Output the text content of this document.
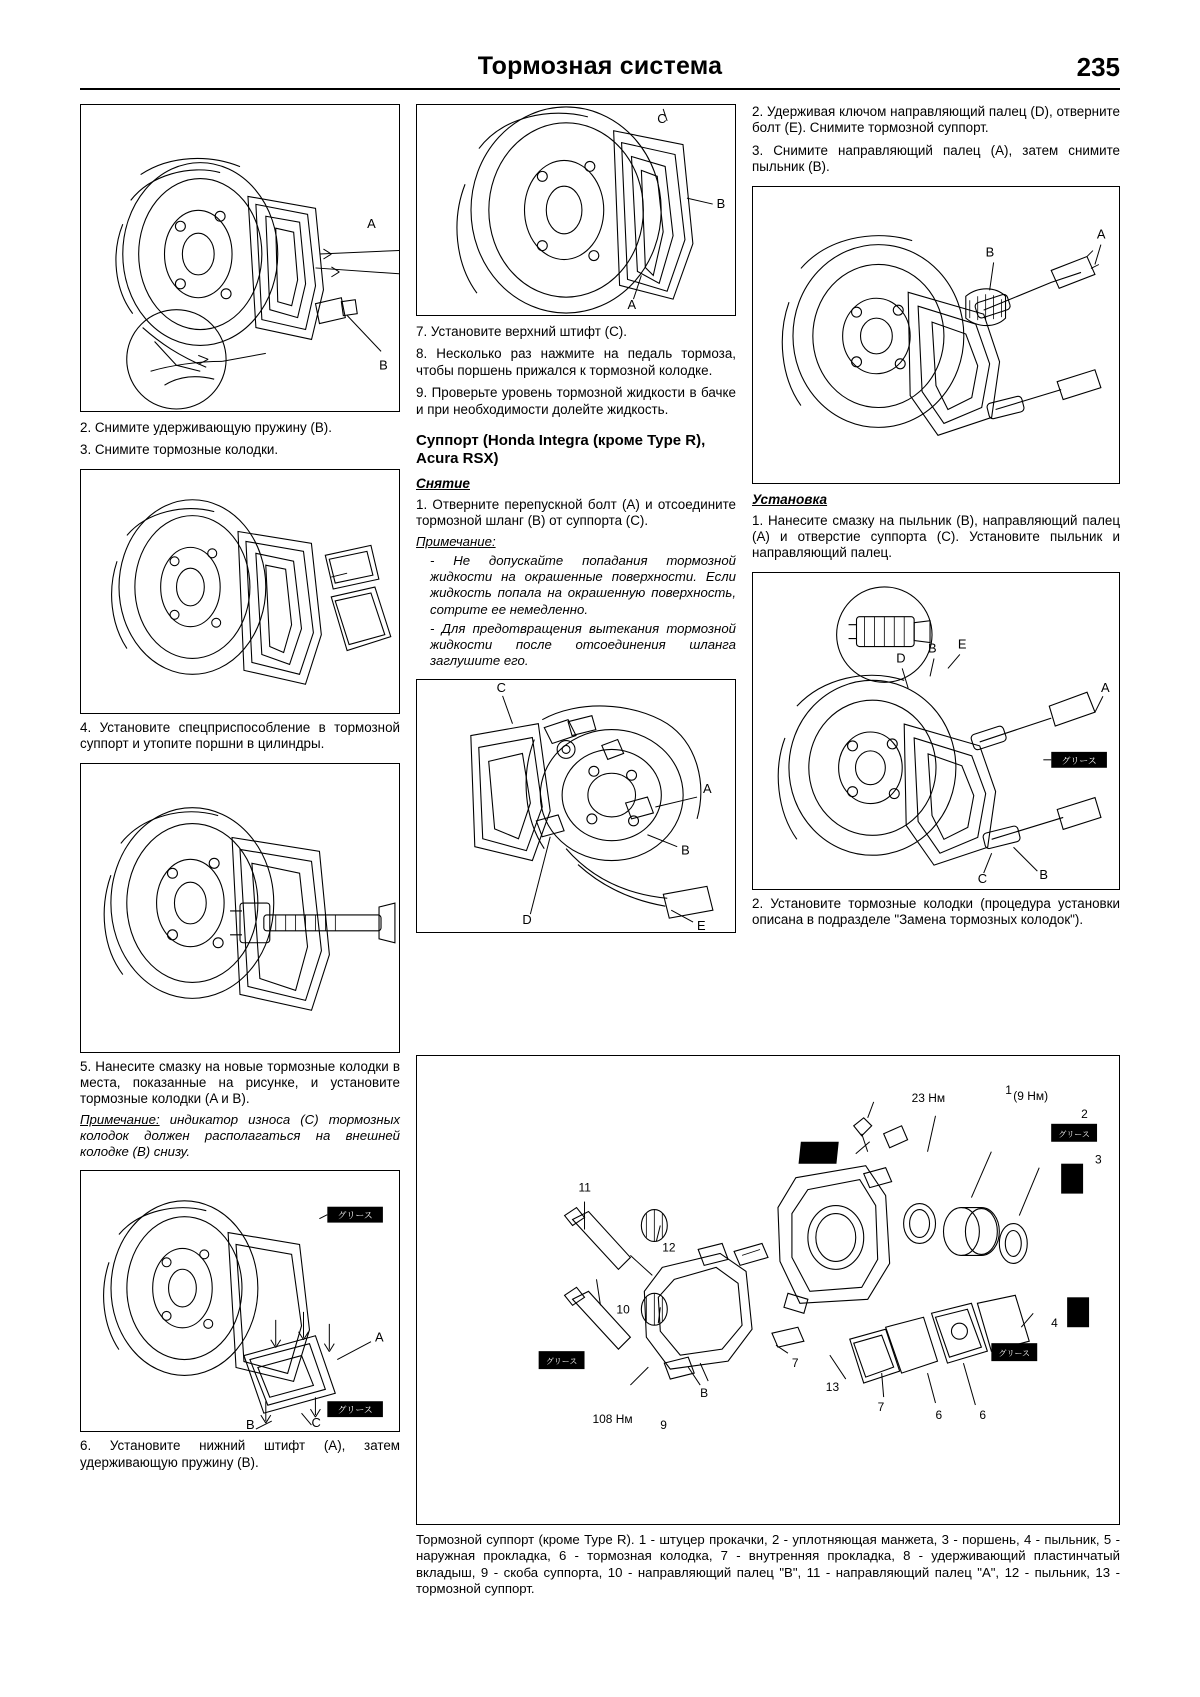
Тормозная система	235
A
B

2. Снимите удерживающую пружину (B).

3. Снимите тормозные колодки.

4. Установите спецприспособление в тормозной суппорт и утопите поршни в цилиндры.

5. Нанесите смазку на новые тормозные колодки в места, показанные на рисунке, и установите тормозные колодки (A и B).

Примечание: индикатор износа (C) тормозных колодок должен располагаться на внешней колодке (B) снизу.

グリース
グリース
A
B	C

6. Установите нижний штифт (A), затем удерживающую пружину (B).

C
B
A

7. Установите верхний штифт (C).

8. Несколько раз нажмите на педаль тормоза, чтобы поршень прижался к тормозной колодке.

9. Проверьте уровень тормозной жидкости в бачке и при необходимости долейте жидкость.

Суппорт (Honda Integra (кроме Type R), Acura RSX)
Снятие

1. Отверните перепускной болт (A) и отсоедините тормозной шланг (B) от суппорта (C).

Примечание:

- Не допускайте попадания тормозной жидкости на окрашенные поверхности. Если жидкость попала на окрашенную поверхность, сотрите ее немедленно.

- Для предотвращения вытекания тормозной жидкости после отсоединения шланга заглушите его.

C
A
B
D	E

2. Удерживая ключом направляющий палец (D), отверните болт (E). Снимите тормозной суппорт.

3. Снимите направляющий палец (A), затем снимите пыльник (B).

B
A
Установка

1. Нанесите смазку на пыльник (B), направляющий палец (A) и отверстие суппорта (C). Установите пыльник и направляющий палец.

グリース
D
B E
A
C	B

2. Установите тормозные колодки (процедура установки описана в подразделе "Замена тормозных колодок").

グリース
グリース
グリース
23 Нм	(9 Нм)
108 Нм
1
2
3
4
B
10
11
12
13
9
7
7
6	6
Тормозной суппорт (кроме Type R). 1 - штуцер прокачки, 2 - уплотняющая манжета, 3 - поршень, 4 - пыльник, 5 - наружная прокладка, 6 - тормозная колодка, 7 - внутренняя прокладка, 8 - удерживающий пластинчатый вкладыш, 9 - скоба суппорта, 10 - направляющий палец "B", 11 - направляющий палец "A", 12 - пыльник, 13 - тормозной суппорт.
